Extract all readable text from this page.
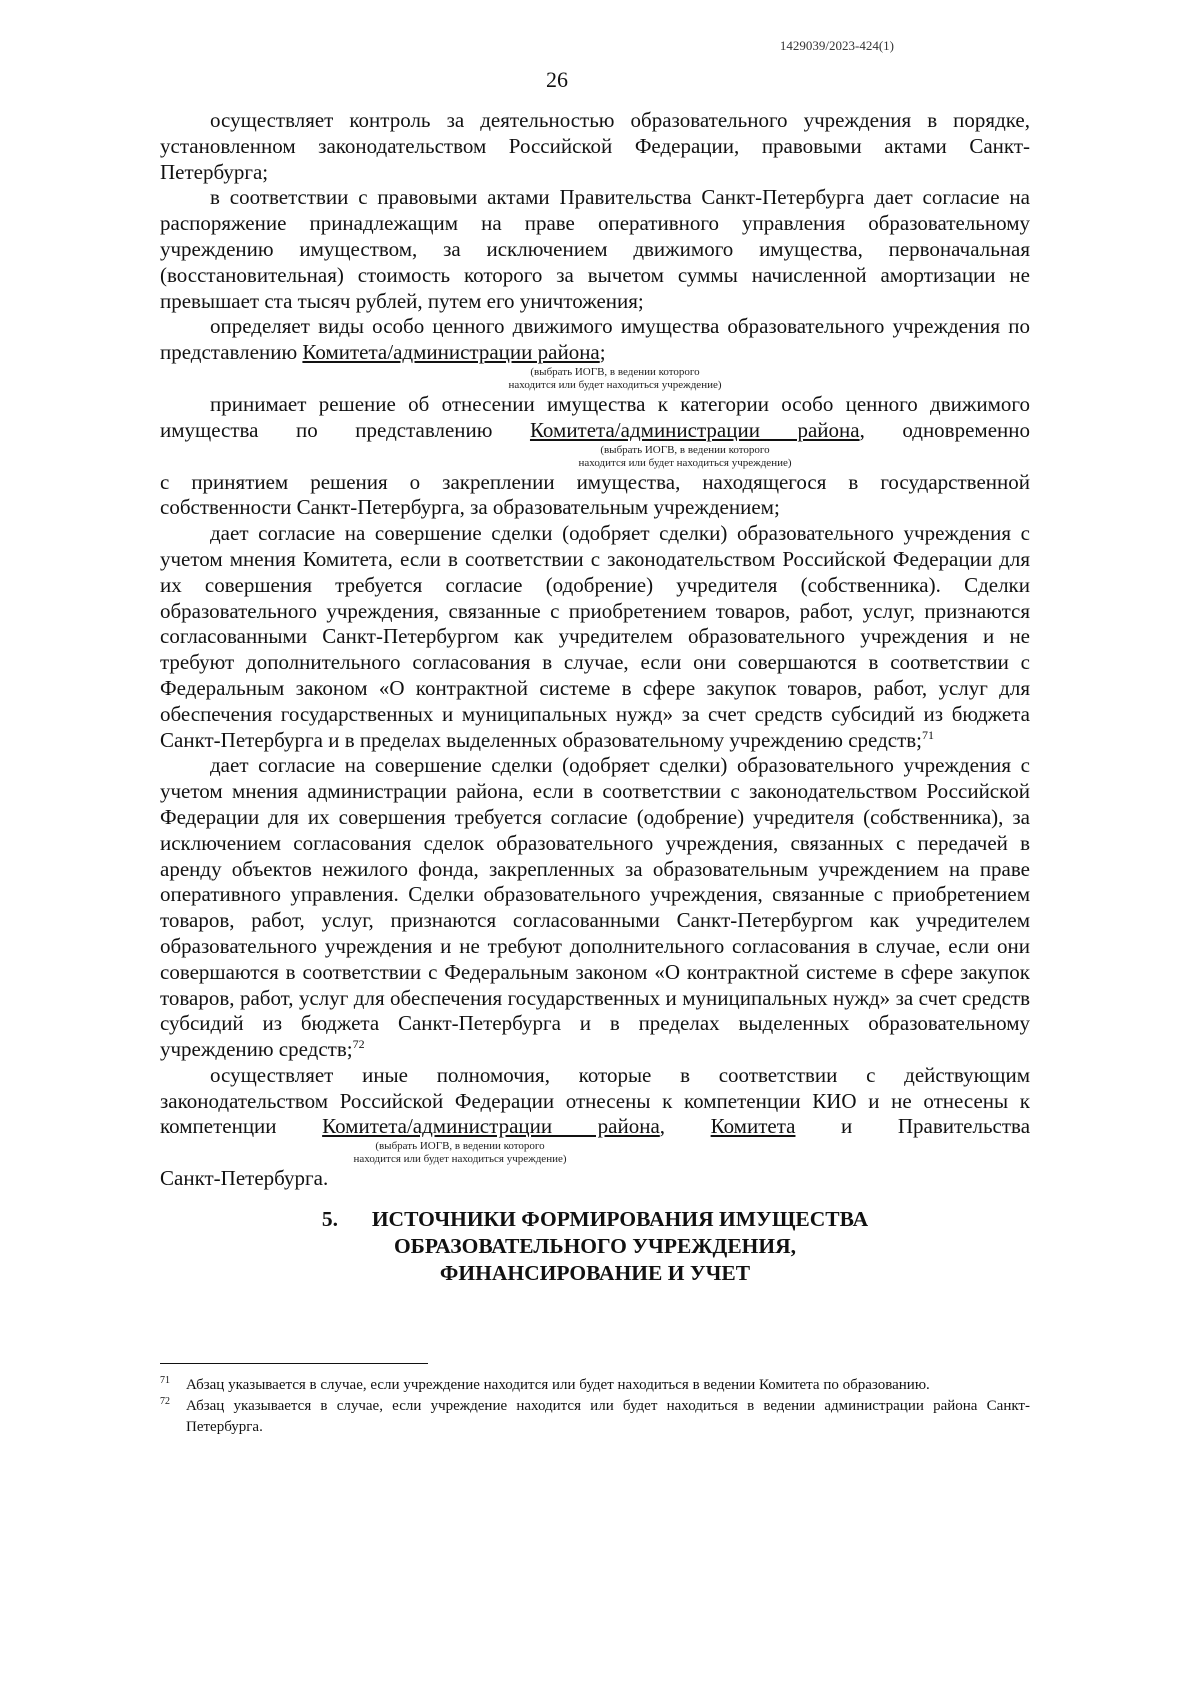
1429039/2023-424(1)
26

осуществляет контроль за деятельностью образовательного учреждения в порядке, установленном законодательством Российской Федерации, правовыми актами Санкт-Петербурга;

в соответствии с правовыми актами Правительства Санкт-Петербурга дает согласие на распоряжение принадлежащим на праве оперативного управления образовательному учреждению имуществом, за исключением движимого имущества, первоначальная (восстановительная) стоимость которого за вычетом суммы начисленной амортизации не превышает ста тысяч рублей, путем его уничтожения;

определяет виды особо ценного движимого имущества образовательного учреждения по представлению Комитета/администрации района;

(выбрать ИОГВ, в ведении которого
находится или будет находиться учреждение)

принимает решение об отнесении имущества к категории особо ценного движимого имущества по представлению Комитета/администрации района, одновременно

(выбрать ИОГВ, в ведении которого
находится или будет находиться учреждение)

с принятием решения о закреплении имущества, находящегося в государственной собственности Санкт-Петербурга, за образовательным учреждением;

дает согласие на совершение сделки (одобряет сделки) образовательного учреждения с учетом мнения Комитета, если в соответствии с законодательством Российской Федерации для их совершения требуется согласие (одобрение) учредителя (собственника). Сделки образовательного учреждения, связанные с приобретением товаров, работ, услуг, признаются согласованными Санкт-Петербургом как учредителем образовательного учреждения и не требуют дополнительного согласования в случае, если они совершаются в соответствии с Федеральным законом «О контрактной системе в сфере закупок товаров, работ, услуг для обеспечения государственных и муниципальных нужд» за счет средств субсидий из бюджета Санкт-Петербурга и в пределах выделенных образовательному учреждению средств;$^{71}$

дает согласие на совершение сделки (одобряет сделки) образовательного учреждения с учетом мнения администрации района, если в соответствии с законодательством Российской Федерации для их совершения требуется согласие (одобрение) учредителя (собственника), за исключением согласования сделок образовательного учреждения, связанных с передачей в аренду объектов нежилого фонда, закрепленных за образовательным учреждением на праве оперативного управления. Сделки образовательного учреждения, связанные с приобретением товаров, работ, услуг, признаются согласованными Санкт-Петербургом как учредителем образовательного учреждения и не требуют дополнительного согласования в случае, если они совершаются в соответствии с Федеральным законом «О контрактной системе в сфере закупок товаров, работ, услуг для обеспечения государственных и муниципальных нужд» за счет средств субсидий из бюджета Санкт-Петербурга и в пределах выделенных образовательному учреждению средств;$^{72}$

осуществляет иные полномочия, которые в соответствии с действующим законодательством Российской Федерации отнесены к компетенции КИО и не отнесены к компетенции Комитета/администрации района, Комитета и Правительства

(выбрать ИОГВ, в ведении которого
находится или будет находиться учреждение)

Санкт-Петербурга.

5. ИСТОЧНИКИ ФОРМИРОВАНИЯ ИМУЩЕСТВА
ОБРАЗОВАТЕЛЬНОГО УЧРЕЖДЕНИЯ,
ФИНАНСИРОВАНИЕ И УЧЕТ
71 Абзац указывается в случае, если учреждение находится или будет находиться в ведении Комитета по образованию.
72 Абзац указывается в случае, если учреждение находится или будет находиться в ведении администрации района Санкт-Петербурга.
